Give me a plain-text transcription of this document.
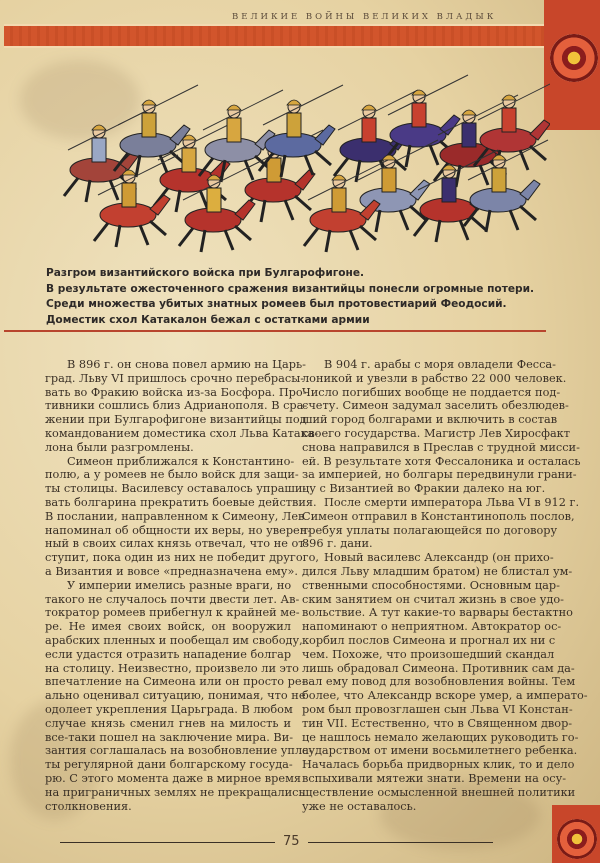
ВЕЛИКИЕ ВОЙНЫ ВЕЛИКИХ ВЛАДЫК
Разгром византийского войска при Булгарофигоне.
В результате ожесточенного сражения византийцы понесли огромные потери.
Среди множества убитых знатных ромеев был протовестиарий Феодосий.
Доместик схол Катакалон бежал с остатками армии
В 896 г. он снова повел армию на Царь-
град. Льву VI пришлось срочно перебрасы-
вать во Фракию войска из-за Босфора. Про-
тивники сошлись близ Адрианополя. В сра-
жении при Булгарофигоне византийцы под
командованием доместика схол Льва Катака-
лона были разгромлены.
Симеон приближался к Константино-
полю, а у ромеев не было войск для защи-
ты столицы. Василевсу оставалось упраши-
вать болгарина прекратить боевые действия.
В послании, направленном к Симеону, Лев
напоминал об общности их веры, но уверен-
ный в своих силах князь отвечал, что не от-
ступит, пока один из них не победит другого,
а Византия и вовсе «предназначена ему».
У империи имелись разные враги, но
такого не случалось почти двести лет. Ав-
тократор ромеев прибегнул к крайней ме-
ре. Не имея своих войск, он вооружил
арабских пленных и пообещал им свободу,
если удастся отразить нападение болгар
на столицу. Неизвестно, произвело ли это
впечатление на Симеона или он просто ре-
ально оценивал ситуацию, понимая, что не
одолеет укрепления Царьграда. В любом
случае князь сменил гнев на милость и
все-таки пошел на заключение мира. Ви-
зантия соглашалась на возобновление упла-
ты регулярной дани болгарскому госуда-
рю. С этого момента даже в мирное время
на приграничных землях не прекращались
столкновения.
В 904 г. арабы с моря овладели Фесса-
лоникой и увезли в рабство 22 000 человек.
Число погибших вообще не поддается под-
счету. Симеон задумал заселить обезлюдев-
ший город болгарами и включить в состав
своего государства. Магистр Лев Хиросфакт
снова направился в Преслав с трудной мисси-
ей. В результате хотя Фессалоника и осталась
за империей, но болгары передвинули грани-
цу с Византией во Фракии далеко на юг.
После смерти императора Льва VI в 912 г.
Симеон отправил в Константинополь послов,
требуя уплаты полагающейся по договору
896 г. дани.
Новый василевс Александр (он прихо-
дился Льву младшим братом) не блистал ум-
ственными способностями. Основным цар-
ским занятием он считал жизнь в свое удо-
вольствие. А тут какие-то варвары бестактно
напоминают о неприятном. Автократор ос-
корбил послов Симеона и прогнал их ни с
чем. Похоже, что произошедший скандал
лишь обрадовал Симеона. Противник сам да-
вал ему повод для возобновления войны. Тем
более, что Александр вскоре умер, а императо-
ром был провозглашен сын Льва VI Констан-
тин VII. Естественно, что в Священном двор-
це нашлось немало желающих руководить го-
сударством от имени восьмилетнего ребенка.
Началась борьба придворных клик, то и дело
вспыхивали мятежи знати. Времени на осу-
ществление осмысленной внешней политики
уже не оставалось.
75
